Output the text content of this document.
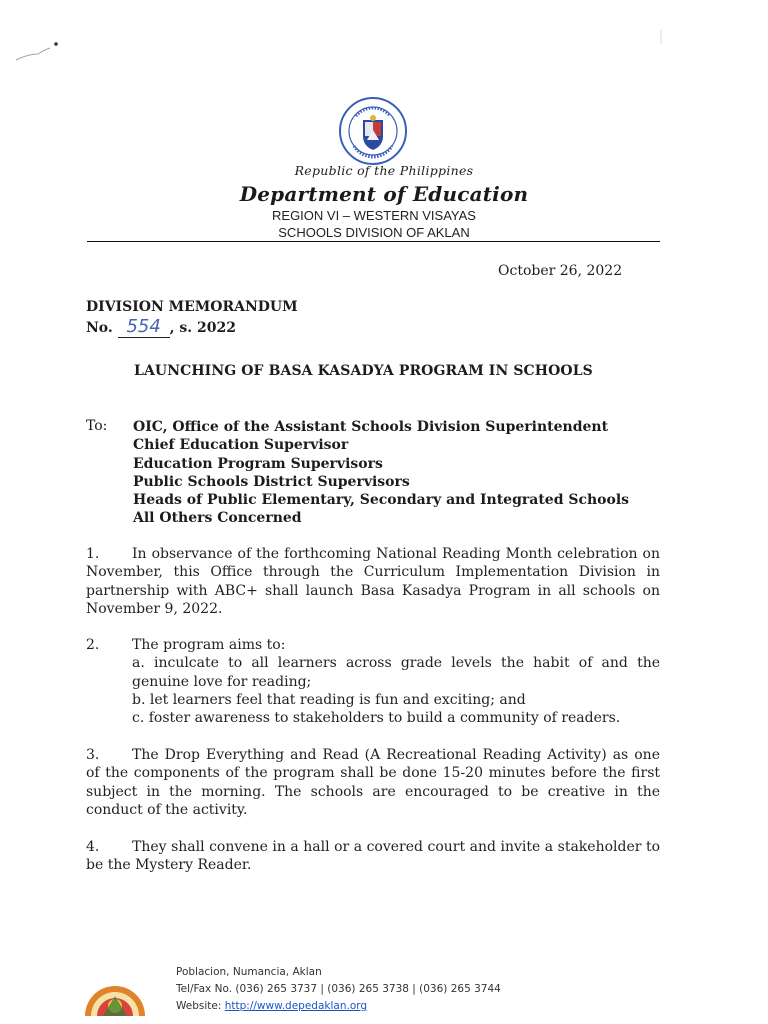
Republic of the Philippines
Department of Education
REGION VI – WESTERN VISAYAS
SCHOOLS DIVISION OF AKLAN
October 26, 2022
DIVISION MEMORANDUM
No. 554 , s. 2022
LAUNCHING OF BASA KASADYA PROGRAM IN SCHOOLS
To: OIC, Office of the Assistant Schools Division Superintendent
Chief Education Supervisor
Education Program Supervisors
Public Schools District Supervisors
Heads of Public Elementary, Secondary and Integrated Schools
All Others Concerned
1. In observance of the forthcoming National Reading Month celebration on November, this Office through the Curriculum Implementation Division in partnership with ABC+ shall launch Basa Kasadya Program in all schools on November 9, 2022.
2. The program aims to:
a. inculcate to all learners across grade levels the habit of and the genuine love for reading;
b. let learners feel that reading is fun and exciting; and
c. foster awareness to stakeholders to build a community of readers.
3. The Drop Everything and Read (A Recreational Reading Activity) as one of the components of the program shall be done 15-20 minutes before the first subject in the morning. The schools are encouraged to be creative in the conduct of the activity.
4. They shall convene in a hall or a covered court and invite a stakeholder to be the Mystery Reader.
Poblacion, Numancia, Aklan
Tel/Fax No. (036) 265 3737 | (036) 265 3738 | (036) 265 3744
Website: http://www.depedaklan.org
